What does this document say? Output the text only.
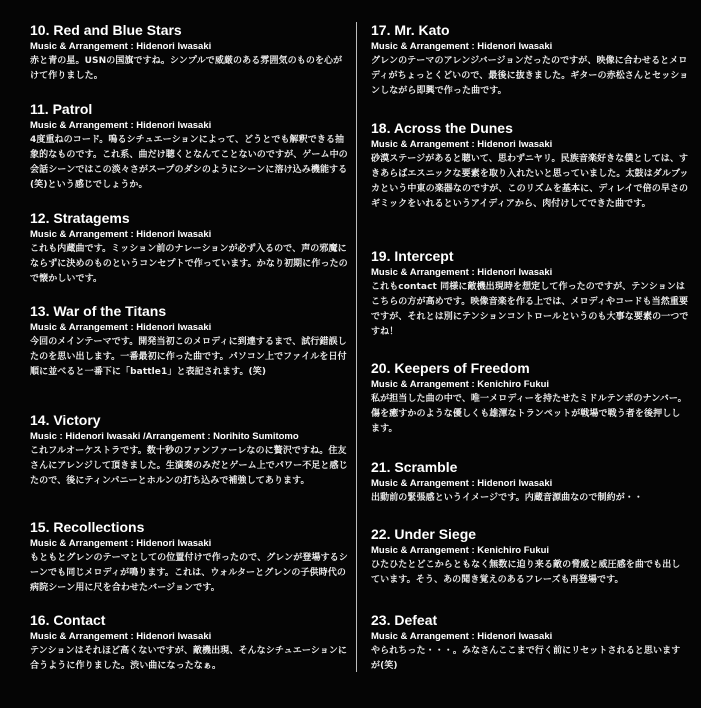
10. Red and Blue Stars
Music & Arrangement : Hidenori Iwasaki
赤と青の星。USNの国旗ですね。シンプルで威厳のある雰囲気のものを心がけて作りました。
11. Patrol
Music & Arrangement : Hidenori Iwasaki
4度重ねのコード。嗚るシチュエーションによって、どうとでも解釈できる抽象的なものです。これ系、曲だけ聴くとなんてことないのですが、ゲーム中の会話シーンではこの淡々さがスープのダシのようにシーンに溶け込み機能する(笑)という感じでしょうか。
12. Stratagems
Music & Arrangement : Hidenori Iwasaki
これも内蔵曲です。ミッション前のナレーションが必ず入るので、声の邪魔にならずに決めのものというコンセプトで作っています。かなり初期に作ったので懐かしいです。
13. War of the Titans
Music & Arrangement : Hidenori Iwasaki
今回のメインテーマです。開発当初このメロディに到達するまで、試行錯誤したのを思い出します。一番最初に作った曲です。パソコン上でファイルを日付順に並べると一番下に「battle1」と表記されます。(笑)
14. Victory
Music : Hidenori Iwasaki /Arrangement : Norihito Sumitomo
これフルオーケストラです。数十秒のファンファーレなのに贅沢ですね。住友さんにアレンジして頂きました。生演奏のみだとゲーム上でパワー不足と感じたので、後にティンパニーとホルンの打ち込みで補強してあります。
15. Recollections
Music & Arrangement : Hidenori Iwasaki
もともとグレンのテーマとしての位置付けで作ったので、グレンが登場するシーンでも同じメロディが鳴ります。これは、ウォルターとグレンの子供時代の病院シーン用に尺を合わせたバージョンです。
16. Contact
Music & Arrangement : Hidenori Iwasaki
テンションはそれほど高くないですが、敵機出現、そんなシチュエーションに合うように作りました。渋い曲になったなぁ。
17. Mr. Kato
Music & Arrangement : Hidenori Iwasaki
グレンのテーマのアレンジバージョンだったのですが、映像に合わせるとメロディがちょっとくどいので、最後に抜きました。ギターの赤松さんとセッションしながら即興で作った曲です。
18. Across the Dunes
Music & Arrangement : Hidenori Iwasaki
砂漠ステージがあると聴いて、思わずニヤリ。民族音楽好きな僕としては、すきあらばエスニックな要素を取り入れたいと思っていました。太鼓はダルブッカという中東の楽器なのですが、このリズムを基本に、ディレイで倍の早さのギミックをいれるというアイディアから、肉付けしてできた曲です。
19. Intercept
Music & Arrangement : Hidenori Iwasaki
これもcontact 同様に敵機出現時を想定して作ったのですが、テンションはこちらの方が高めです。映像音楽を作る上では、メロディやコードも当然重要ですが、それとは別にテンションコントロールというのも大事な要素の一つですね！
20. Keepers of Freedom
Music & Arrangement : Kenichiro Fukui
私が担当した曲の中で、唯一メロディーを持たせたミドルテンポのナンバー。傷を癒すかのような優しくも雄渾なトランペットが戦場で戦う者を後押しします。
21. Scramble
Music & Arrangement : Hidenori Iwasaki
出動前の緊張感というイメージです。内蔵音源曲なので制約が・・
22. Under Siege
Music & Arrangement : Kenichiro Fukui
ひたひたとどこからともなく無数に迫り来る敵の脅威と威圧感を曲でも出しています。そう、あの聞き覚えのあるフレーズも再登場です。
23. Defeat
Music & Arrangement : Hidenori Iwasaki
やられちった・・・。みなさんここまで行く前にリセットされると思いますが(笑)
